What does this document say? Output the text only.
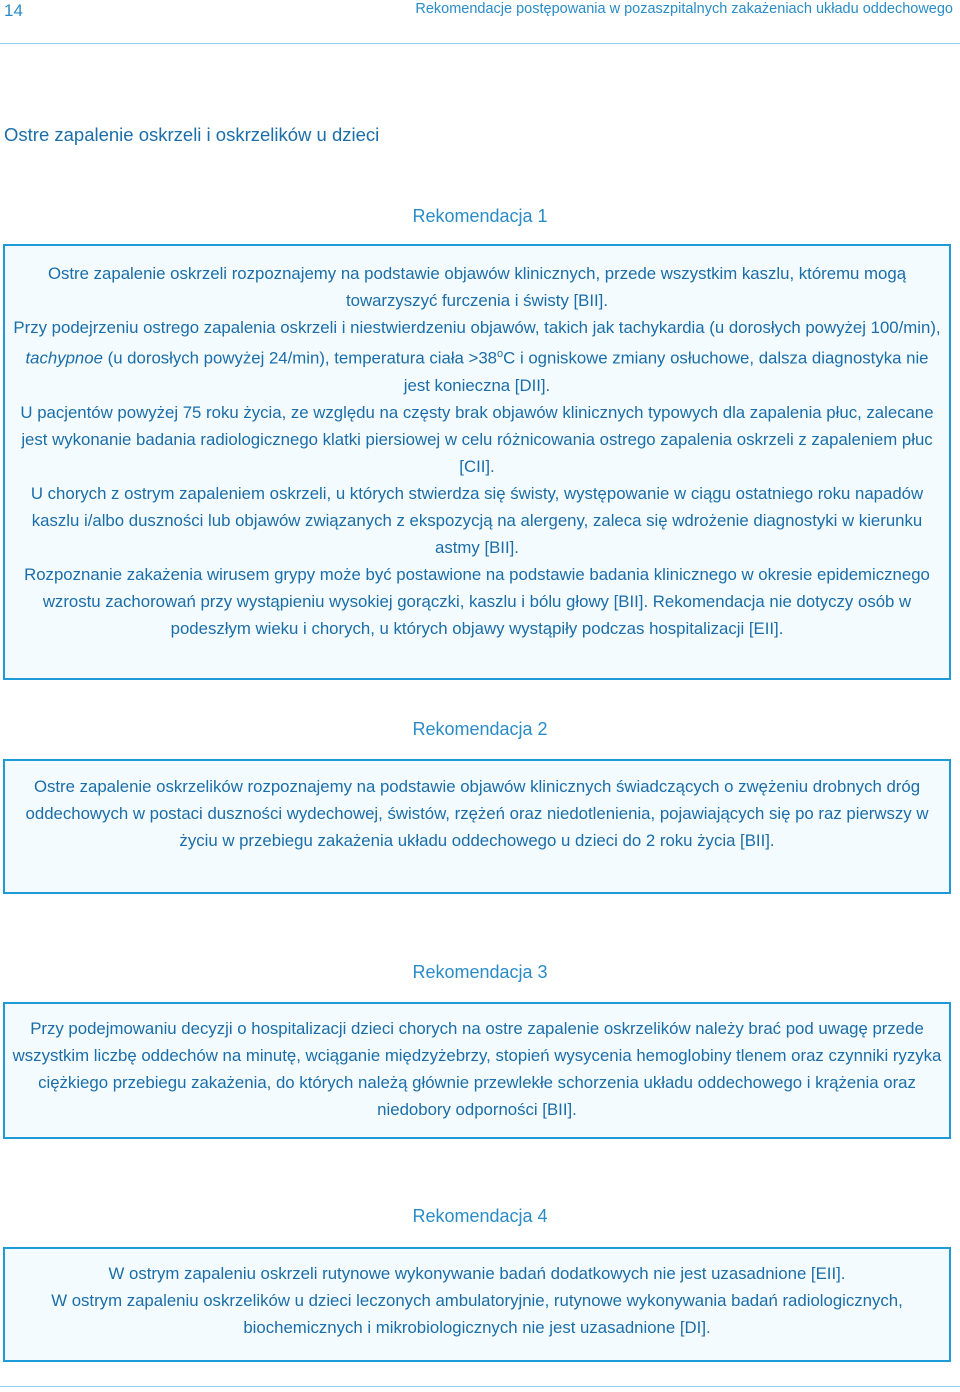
14	Rekomendacje postępowania w pozaszpitalnych zakażeniach układu oddechowego
Ostre zapalenie oskrzeli i oskrzelików u dzieci
Rekomendacja 1

Ostre zapalenie oskrzeli rozpoznajemy na podstawie objawów klinicznych, przede wszystkim kaszlu, któremu mogą towarzyszyć furczenia i świsty [BII].

Przy podejrzeniu ostrego zapalenia oskrzeli i niestwierdzeniu objawów, takich jak tachykardia (u dorosłych powyżej 100/min), tachypnoe (u dorosłych powyżej 24/min), temperatura ciała $>38^oC$ i ogniskowe zmiany osłuchowe, dalsza diagnostyka nie jest konieczna [DII].

U pacjentów powyżej 75 roku życia, ze względu na częsty brak objawów klinicznych typowych dla zapalenia płuc, zalecane jest wykonanie badania radiologicznego klatki piersiowej w celu różnicowania ostrego zapalenia oskrzeli z zapaleniem płuc [CII].

U chorych z ostrym zapaleniem oskrzeli, u których stwierdza się świsty, występowanie w ciągu ostatniego roku napadów kaszlu i/albo duszności lub objawów związanych z ekspozycją na alergeny, zaleca się wdrożenie diagnostyki w kierunku astmy [BII].

Rozpoznanie zakażenia wirusem grypy może być postawione na podstawie badania klinicznego w okresie epidemicznego wzrostu zachorowań przy wystąpieniu wysokiej gorączki, kaszlu i bólu głowy [BII]. Rekomendacja nie dotyczy osób w podeszłym wieku i chorych, u których objawy wystąpiły podczas hospitalizacji [EII].

Rekomendacja 2

Ostre zapalenie oskrzelików rozpoznajemy na podstawie objawów klinicznych świadczących o zwężeniu drobnych dróg oddechowych w postaci duszności wydechowej, świstów, rzężeń oraz niedotlenienia, pojawiających się po raz pierwszy w życiu w przebiegu zakażenia układu oddechowego u dzieci do 2 roku życia [BII].

Rekomendacja 3

Przy podejmowaniu decyzji o hospitalizacji dzieci chorych na ostre zapalenie oskrzelików należy brać pod uwagę przede wszystkim liczbę oddechów na minutę, wciąganie międzyżebrzy, stopień wysycenia hemoglobiny tlenem oraz czynniki ryzyka ciężkiego przebiegu zakażenia, do których należą głównie przewlekłe schorzenia układu oddechowego i krążenia oraz niedobory odporności [BII].

Rekomendacja 4

W ostrym zapaleniu oskrzeli rutynowe wykonywanie badań dodatkowych nie jest uzasadnione [EII].

W ostrym zapaleniu oskrzelików u dzieci leczonych ambulatoryjnie, rutynowe wykonywania badań radiologicznych, biochemicznych i mikrobiologicznych nie jest uzasadnione [DI].
